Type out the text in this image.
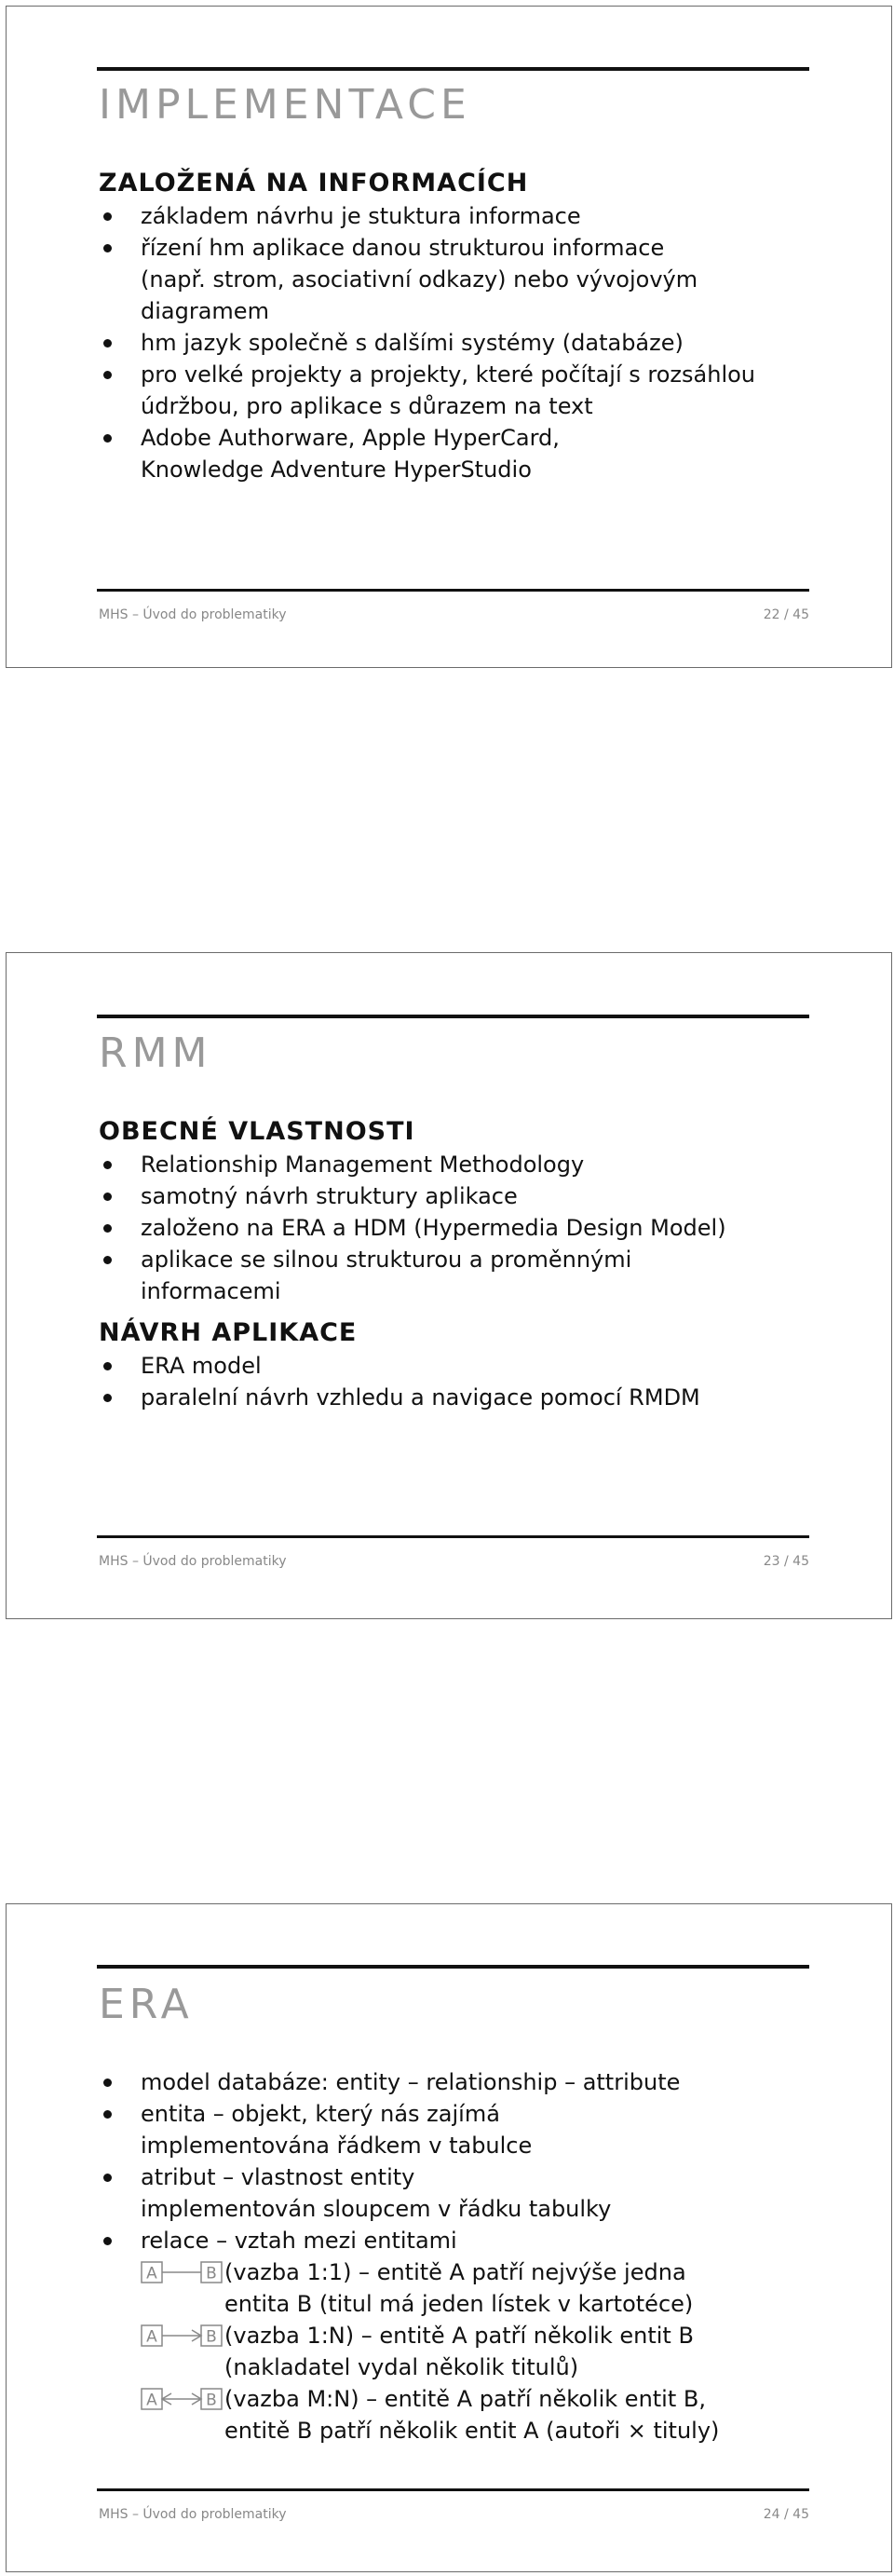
IMPLEMENTACE
ZALOŽENÁ NA INFORMACÍCH
základem návrhu je stuktura informace
řízení hm aplikace danou strukturou informace
(např. strom, asociativní odkazy) nebo vývojovým
diagramem
hm jazyk společně s dalšími systémy (databáze)
pro velké projekty a projekty, které počítají s rozsáhlou
údržbou, pro aplikace s důrazem na text
Adobe Authorware, Apple HyperCard,
Knowledge Adventure HyperStudio
MHS – Úvod do problematiky	22 / 45
RMM
OBECNÉ VLASTNOSTI
Relationship Management Methodology
samotný návrh struktury aplikace
založeno na ERA a HDM (Hypermedia Design Model)
aplikace se silnou strukturou a proměnnými
informacemi
NÁVRH APLIKACE
ERA model
paralelní návrh vzhledu a navigace pomocí RMDM
MHS – Úvod do problematiky	23 / 45
ERA
model databáze: entity – relationship – attribute
entita – objekt, který nás zajímá
implementována řádkem v tabulce
atribut – vlastnost entity
implementován sloupcem v řádku tabulky
relace – vztah mezi entitami
A	B (vazba 1:1) – entitě A patří nejvýše jedna
entita B (titul má jeden lístek v kartotéce)
A	B (vazba 1:N) – entitě A patří několik entit B
(nakladatel vydal několik titulů)
A	B (vazba M:N) – entitě A patří několik entit B,
entitě B patří několik entit A (autoři × tituly)
MHS – Úvod do problematiky	24 / 45
